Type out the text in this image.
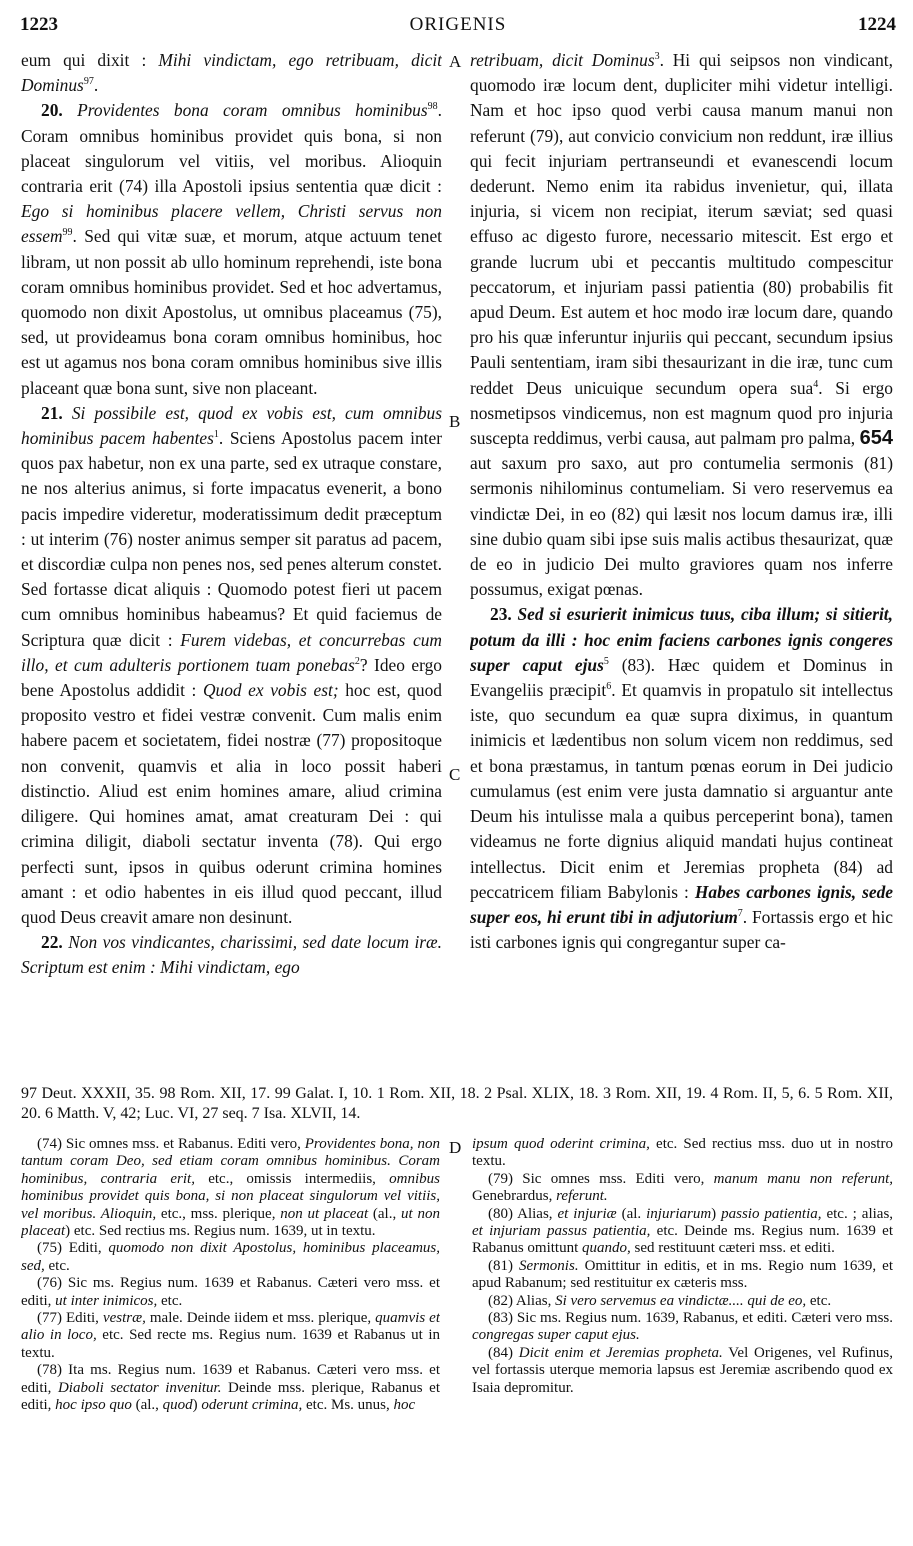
1223	ORIGENIS	1224
A
B
C
D

eum qui dixit : Mihi vindictam, ego retribuam, dicit Dominus$^{97}$.

20. Providentes bona coram omnibus hominibus$^{98}$. Coram omnibus hominibus providet quis bona, si non placeat singulorum vel vitiis, vel moribus. Alioquin contraria erit (74) illa Apostoli ipsius sententia quæ dicit : Ego si hominibus placere vellem, Christi servus non essem$^{99}$. Sed qui vitæ suæ, et morum, atque actuum tenet libram, ut non possit ab ullo hominum reprehendi, iste bona coram omnibus hominibus providet. Sed et hoc advertamus, quomodo non dixit Apostolus, ut omnibus placeamus (75), sed, ut provideamus bona coram omnibus hominibus, hoc est ut agamus nos bona coram omnibus hominibus sive illis placeant quæ bona sunt, sive non placeant.

21. Si possibile est, quod ex vobis est, cum omnibus hominibus pacem habentes$^1$. Sciens Apostolus pacem inter quos pax habetur, non ex una parte, sed ex utraque constare, ne nos alterius animus, si forte impacatus evenerit, a bono pacis impedire videretur, moderatissimum dedit præceptum : ut interim (76) noster animus semper sit paratus ad pacem, et discordiæ culpa non penes nos, sed penes alterum constet. Sed fortasse dicat aliquis : Quomodo potest fieri ut pacem cum omnibus hominibus habeamus? Et quid faciemus de Scriptura quæ dicit : Furem videbas, et concurrebas cum illo, et cum adulteris portionem tuam ponebas$^2$? Ideo ergo bene Apostolus addidit : Quod ex vobis est; hoc est, quod proposito vestro et fidei vestræ convenit. Cum malis enim habere pacem et societatem, fidei nostræ (77) propositoque non convenit, quamvis et alia in loco possit haberi distinctio. Aliud est enim homines amare, aliud crimina diligere. Qui homines amat, amat creaturam Dei : qui crimina diligit, diaboli sectatur inventa (78). Qui ergo perfecti sunt, ipsos in quibus oderunt crimina homines amant : et odio habentes in eis illud quod peccant, illud quod Deus creavit amare non desinunt.

22. Non vos vindicantes, charissimi, sed date locum iræ. Scriptum est enim : Mihi vindictam, ego

retribuam, dicit Dominus$^3$. Hi qui seipsos non vindicant, quomodo iræ locum dent, dupliciter mihi videtur intelligi. Nam et hoc ipso quod verbi causa manum manui non referunt (79), aut convicio convicium non reddunt, iræ illius qui fecit injuriam pertranseundi et evanescendi locum dederunt. Nemo enim ita rabidus invenietur, qui, illata injuria, si vicem non recipiat, iterum sæviat; sed quasi effuso ac digesto furore, necessario mitescit. Est ergo et grande lucrum ubi et peccantis multitudo compescitur peccatorum, et injuriam passi patientia (80) probabilis fit apud Deum. Est autem et hoc modo iræ locum dare, quando pro his quæ inferuntur injuriis qui peccant, secundum ipsius Pauli sententiam, iram sibi thesaurizant in die iræ, tunc cum reddet Deus unicuique secundum opera sua$^4$. Si ergo nosmetipsos vindicemus, non est magnum quod pro injuria suscepta reddimus, verbi causa, aut palmam pro palma, 654 aut saxum pro saxo, aut pro contumelia sermonis (81) sermonis nihilominus contumeliam. Si vero reservemus ea vindictæ Dei, in eo (82) qui læsit nos locum damus iræ, illi sine dubio quam sibi ipse suis malis actibus thesaurizat, quæ de eo in judicio Dei multo graviores quam nos inferre possumus, exigat pœnas.

23. Sed si esurierit inimicus tuus, ciba illum; si sitierit, potum da illi : hoc enim faciens carbones ignis congeres super caput ejus$^5$ (83). Hæc quidem et Dominus in Evangeliis præcipit$^6$. Et quamvis in propatulo sit intellectus iste, quo secundum ea quæ supra diximus, in quantum inimicis et lædentibus non solum vicem non reddimus, sed et bona præstamus, in tantum pœnas eorum in Dei judicio cumulamus (est enim vere justa damnatio si arguantur ante Deum his intulisse mala a quibus perceperint bona), tamen videamus ne forte dignius aliquid mandati hujus contineat intellectus. Dicit enim et Jeremias propheta (84) ad peccatricem filiam Babylonis : Habes carbones ignis, sede super eos, hi erunt tibi in adjutorium$^7$. Fortassis ergo et hic isti carbones ignis qui congregantur super ca-

97 Deut. XXXII, 35. 98 Rom. XII, 17. 99 Galat. I, 10. 1 Rom. XII, 18. 2 Psal. XLIX, 18. 3 Rom. XII, 19. 4 Rom. II, 5, 6. 5 Rom. XII, 20. 6 Matth. V, 42; Luc. VI, 27 seq. 7 Isa. XLVII, 14.

(74) Sic omnes mss. et Rabanus. Editi vero, Providentes bona, non tantum coram Deo, sed etiam coram omnibus hominibus. Coram hominibus, contraria erit, etc., omissis intermediis, omnibus hominibus providet quis bona, si non placeat singulorum vel vitiis, vel moribus. Alioquin, etc., mss. plerique, non ut placeat (al., ut non placeat) etc. Sed rectius ms. Regius num. 1639, ut in textu.

(75) Editi, quomodo non dixit Apostolus, hominibus placeamus, sed, etc.

(76) Sic ms. Regius num. 1639 et Rabanus. Cæteri vero mss. et editi, ut inter inimicos, etc.

(77) Editi, vestræ, male. Deinde iidem et mss. plerique, quamvis et alio in loco, etc. Sed recte ms. Regius num. 1639 et Rabanus ut in textu.

(78) Ita ms. Regius num. 1639 et Rabanus. Cæteri vero mss. et editi, Diaboli sectator invenitur. Deinde mss. plerique, Rabanus et editi, hoc ipso quo (al., quod) oderunt crimina, etc. Ms. unus, hoc

ipsum quod oderint crimina, etc. Sed rectius mss. duo ut in nostro textu.

(79) Sic omnes mss. Editi vero, manum manu non referunt, Genebrardus, referunt.

(80) Alias, et injuriæ (al. injuriarum) passio patientia, etc. ; alias, et injuriam passus patientia, etc. Deinde ms. Regius num. 1639 et Rabanus omittunt quando, sed restituunt cæteri mss. et editi.

(81) Sermonis. Omittitur in editis, et in ms. Regio num 1639, et apud Rabanum; sed restituitur ex cæteris mss.

(82) Alias, Si vero servemus ea vindictæ.... qui de eo, etc.

(83) Sic ms. Regius num. 1639, Rabanus, et editi. Cæteri vero mss. congregas super caput ejus.

(84) Dicit enim et Jeremias propheta. Vel Origenes, vel Rufinus, vel fortassis uterque memoria lapsus est Jeremiæ ascribendo quod ex Isaia depromitur.
